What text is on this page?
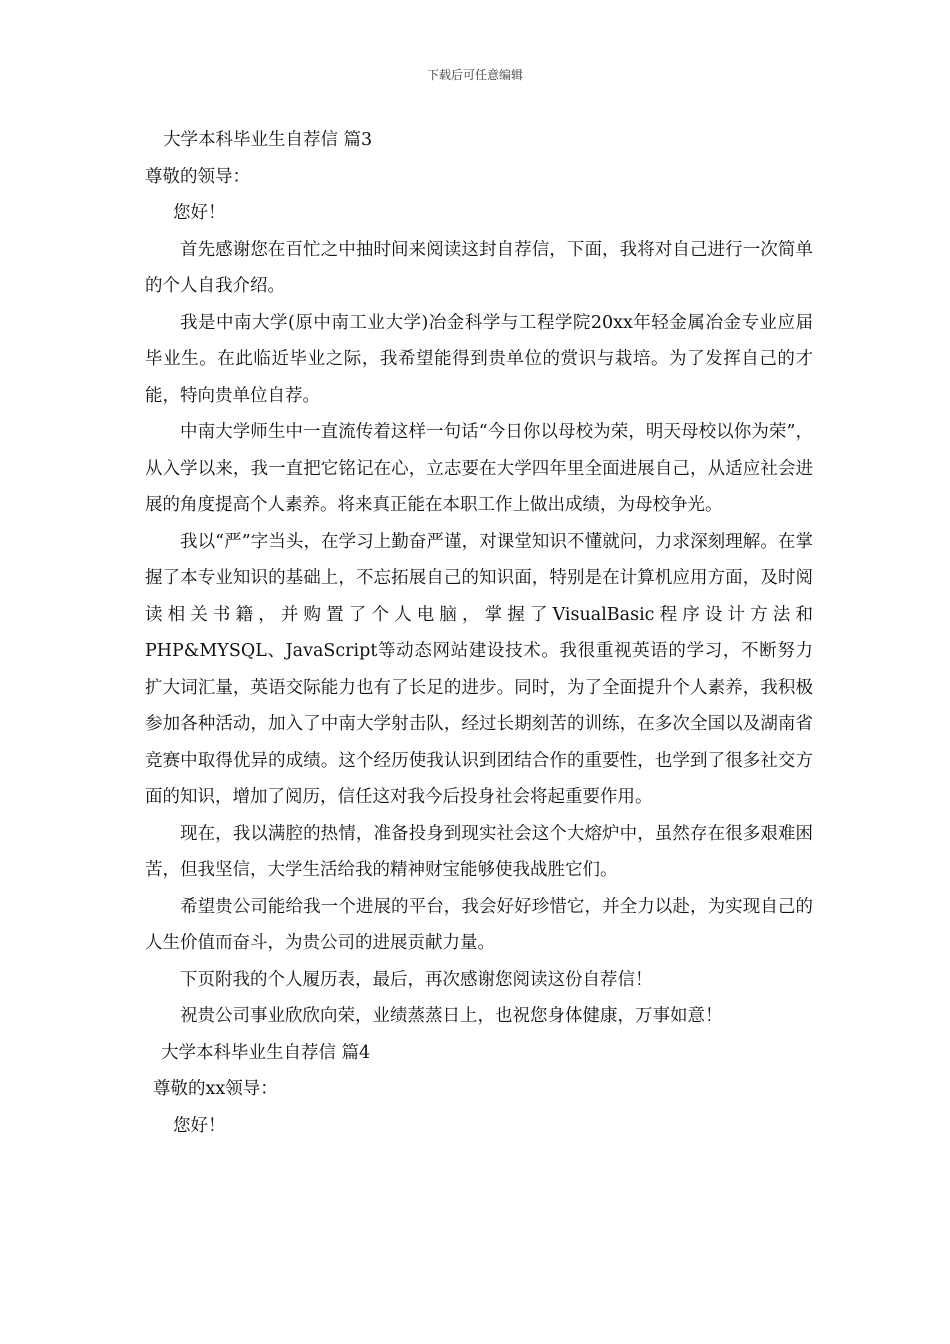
下载后可任意编辑
大学本科毕业生自荐信 篇3
尊敬的领导：
您好！

首先感谢您在百忙之中抽时间来阅读这封自荐信，下面，我将对自己进行一次简单的个人自我介绍。

我是中南大学(原中南工业大学)冶金科学与工程学院20xx年轻金属冶金专业应届毕业生。在此临近毕业之际，我希望能得到贵单位的赏识与栽培。为了发挥自己的才能，特向贵单位自荐。

中南大学师生中一直流传着这样一句话“今日你以母校为荣，明天母校以你为荣”，从入学以来，我一直把它铭记在心，立志要在大学四年里全面进展自己，从适应社会进展的角度提高个人素养。将来真正能在本职工作上做出成绩，为母校争光。

我以“严”字当头，在学习上勤奋严谨，对课堂知识不懂就问，力求深刻理解。在掌握了本专业知识的基础上，不忘拓展自己的知识面，特别是在计算机应用方面，及时阅读相关书籍，并购置了个人电脑，掌握了VisualBasic程序设计方法和PHP&MYSQL、JavaScript等动态网站建设技术。我很重视英语的学习，不断努力扩大词汇量，英语交际能力也有了长足的进步。同时，为了全面提升个人素养，我积极参加各种活动，加入了中南大学射击队，经过长期刻苦的训练，在多次全国以及湖南省竞赛中取得优异的成绩。这个经历使我认识到团结合作的重要性，也学到了很多社交方面的知识，增加了阅历，信任这对我今后投身社会将起重要作用。

现在，我以满腔的热情，准备投身到现实社会这个大熔炉中，虽然存在很多艰难困苦，但我坚信，大学生活给我的精神财宝能够使我战胜它们。

希望贵公司能给我一个进展的平台，我会好好珍惜它，并全力以赴，为实现自己的人生价值而奋斗，为贵公司的进展贡献力量。

下页附我的个人履历表，最后，再次感谢您阅读这份自荐信！

祝贵公司事业欣欣向荣，业绩蒸蒸日上，也祝您身体健康，万事如意！

大学本科毕业生自荐信 篇4
尊敬的xx领导：
您好！
